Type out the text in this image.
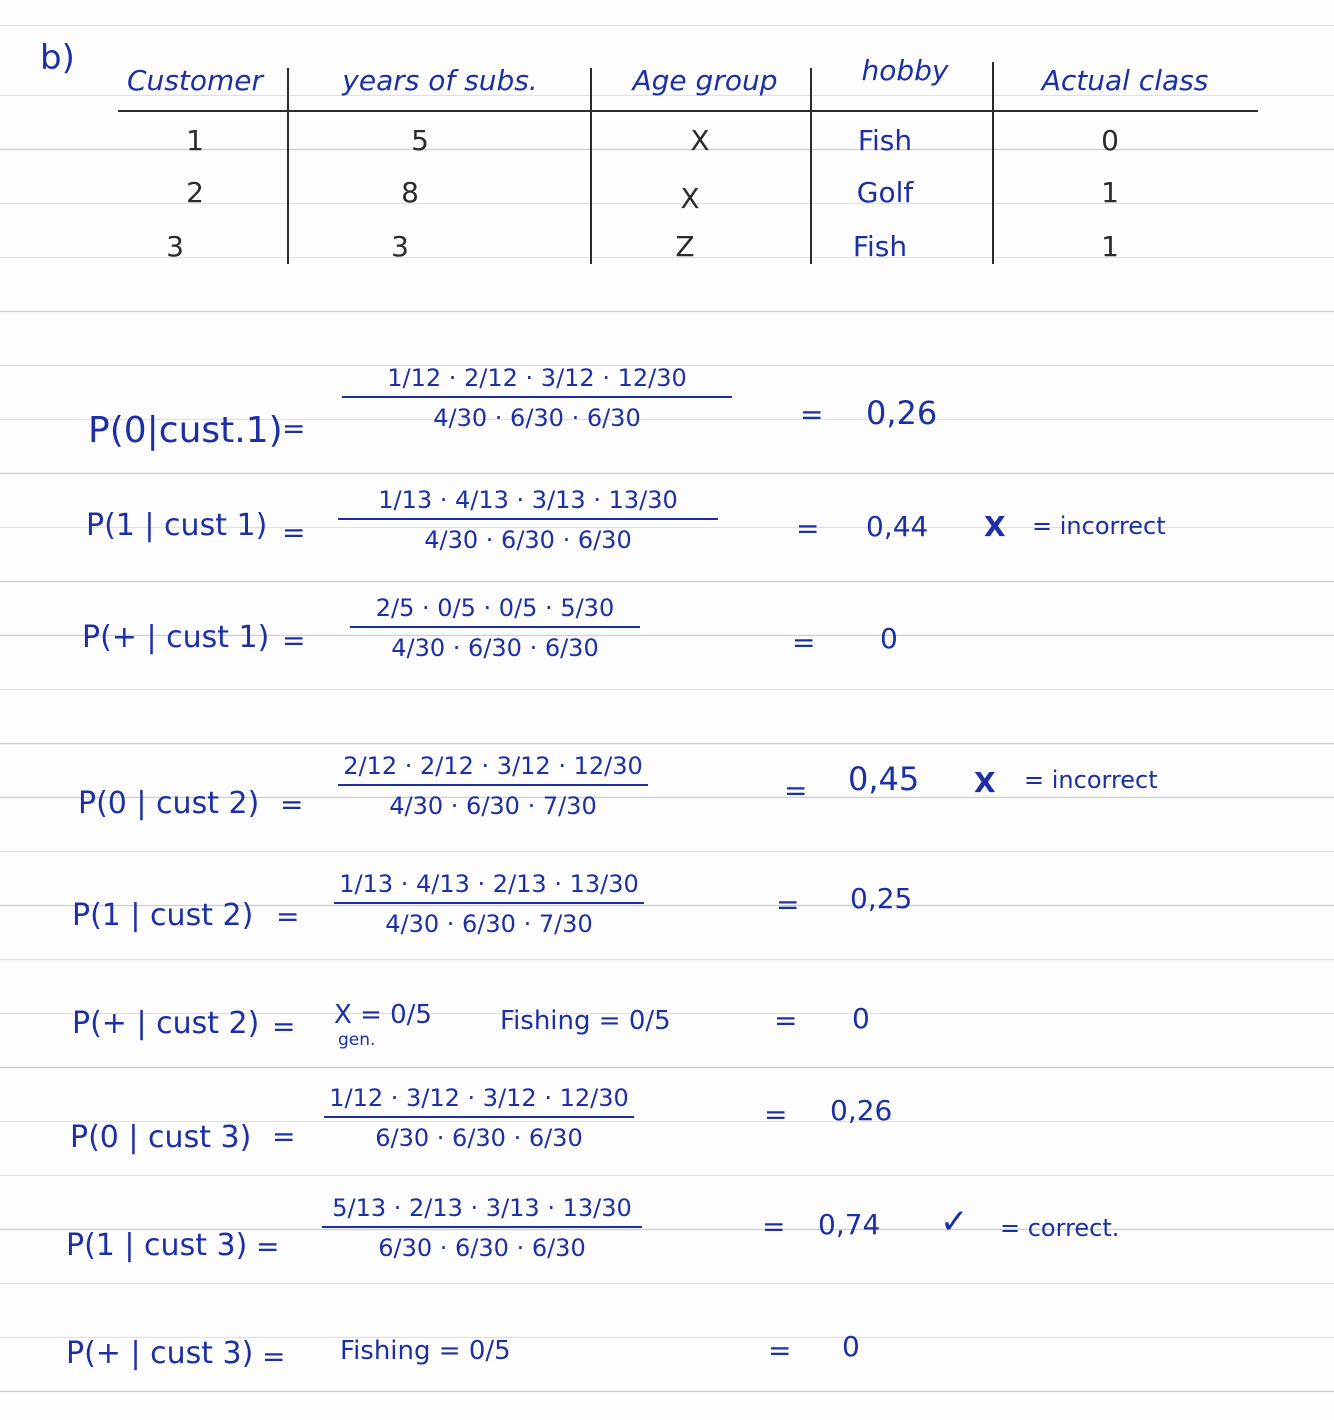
b)
Customer	years of subs.	Age group	hobby	Actual class
1	5	X	Fish	0
2	8	X	Golf	1
3	3	Z	Fish	1
P(0|cust.1) =
1/12 · 2/12 · 3/12 · 12/30
4/30 · 6/30 · 6/30	= 0,26
P(1 | cust 1) =
1/13 · 4/13 · 3/13 · 13/30
4/30 · 6/30 · 6/30	= 0,44 X = incorrect
P(+ | cust 1) =
2/5 · 0/5 · 0/5 · 5/30
4/30 · 6/30 · 6/30	= 0
P(0 | cust 2) =
2/12 · 2/12 · 3/12 · 12/30
4/30 · 6/30 · 7/30	= 0,45 X = incorrect
P(1 | cust 2) =
1/13 · 4/13 · 2/13 · 13/30
4/30 · 6/30 · 7/30
= 0,25
P(+ | cust 2) = X = 0/5
gen.
Fishing = 0/5	= 0
P(0 | cust 3) =
1/12 · 3/12 · 3/12 · 12/30
6/30 · 6/30 · 6/30
= 0,26
P(1 | cust 3) =
5/13 · 2/13 · 3/13 · 13/30
6/30 · 6/30 · 6/30
= 0,74 ✓ = correct.
P(+ | cust 3) = Fishing = 0/5	= 0
